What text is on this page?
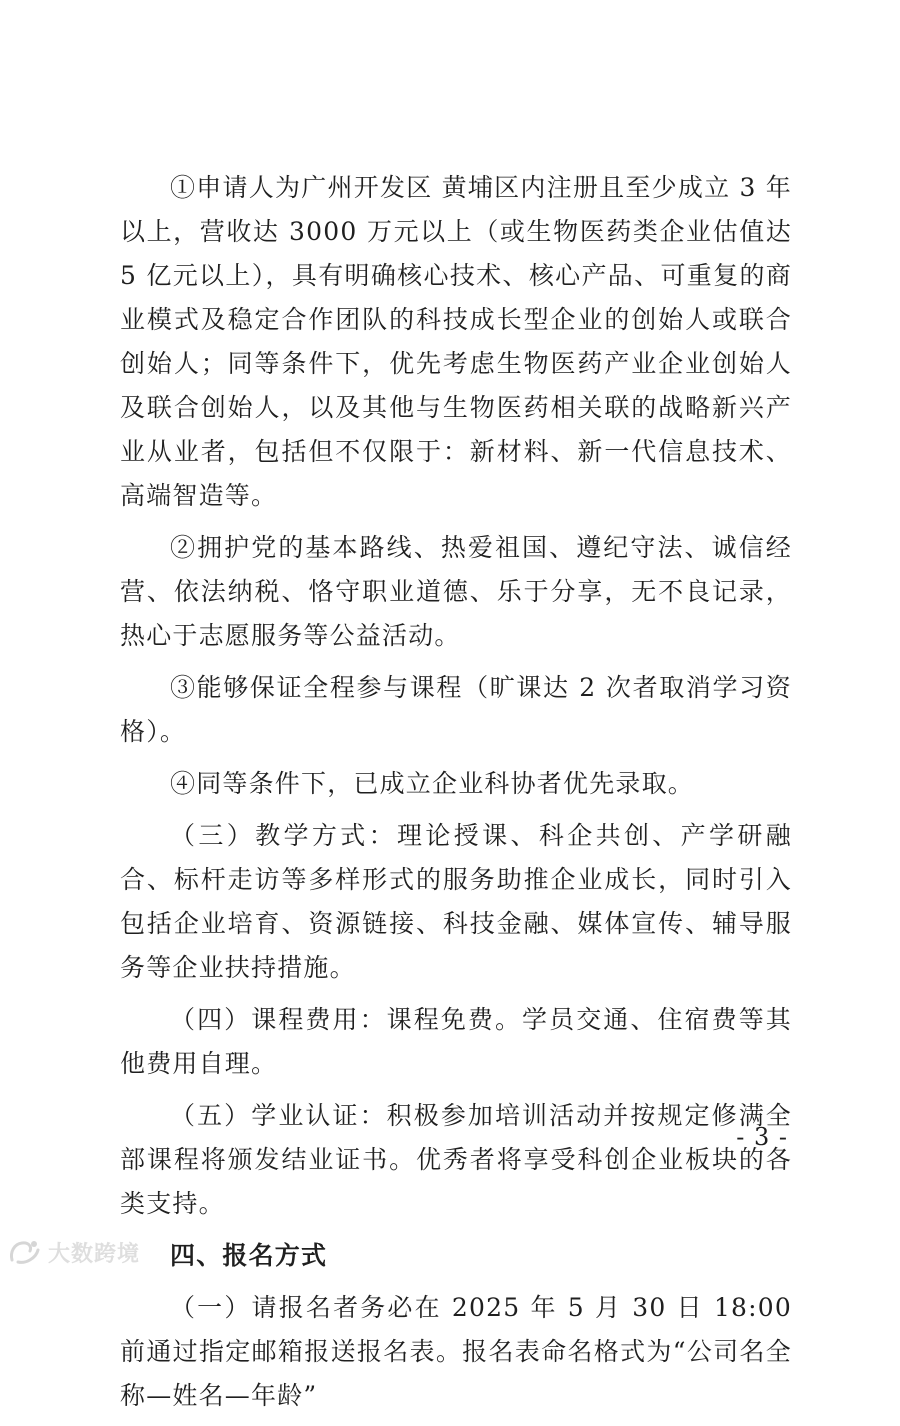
①申请人为广州开发区 黄埔区内注册且至少成立 3 年以上，营收达 3000 万元以上（或生物医药类企业估值达 5 亿元以上），具有明确核心技术、核心产品、可重复的商业模式及稳定合作团队的科技成长型企业的创始人或联合创始人；同等条件下，优先考虑生物医药产业企业创始人及联合创始人，以及其他与生物医药相关联的战略新兴产业从业者，包括但不仅限于：新材料、新一代信息技术、高端智造等。

②拥护党的基本路线、热爱祖国、遵纪守法、诚信经营、依法纳税、恪守职业道德、乐于分享，无不良记录，热心于志愿服务等公益活动。

③能够保证全程参与课程（旷课达 2 次者取消学习资格）。

④同等条件下，已成立企业科协者优先录取。

（三）教学方式：理论授课、科企共创、产学研融合、标杆走访等多样形式的服务助推企业成长，同时引入包括企业培育、资源链接、科技金融、媒体宣传、辅导服务等企业扶持措施。

（四）课程费用：课程免费。学员交通、住宿费等其他费用自理。

（五）学业认证：积极参加培训活动并按规定修满全部课程将颁发结业证书。优秀者将享受科创企业板块的各类支持。

四、报名方式

（一）请报名者务必在 2025 年 5 月 30 日 18:00 前通过指定邮箱报送报名表。报名表命名格式为“公司名全称—姓名—年龄”

- 3 -
大数跨境
